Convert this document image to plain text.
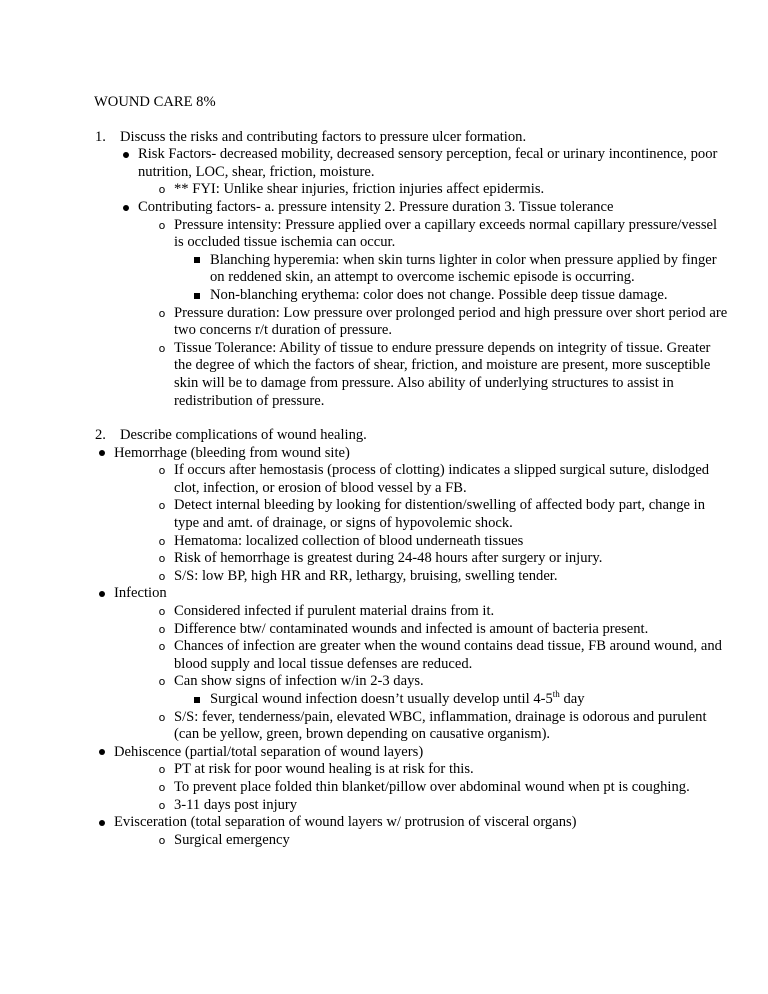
WOUND CARE 8%

1. Discuss the risks and contributing factors to pressure ulcer formation.

Risk Factors- decreased mobility, decreased sensory perception, fecal or urinary incontinence, poor nutrition, LOC, shear, friction, moisture.

o ** FYI: Unlike shear injuries, friction injuries affect epidermis.

Contributing factors- a. pressure intensity 2. Pressure duration 3. Tissue tolerance

o Pressure intensity: Pressure applied over a capillary exceeds normal capillary pressure/vessel is occluded tissue ischemia can occur.

Blanching hyperemia: when skin turns lighter in color when pressure applied by finger on reddened skin, an attempt to overcome ischemic episode is occurring.

Non-blanching erythema: color does not change. Possible deep tissue damage.

o Pressure duration: Low pressure over prolonged period and high pressure over short period are two concerns r/t duration of pressure.

o Tissue Tolerance: Ability of tissue to endure pressure depends on integrity of tissue. Greater the degree of which the factors of shear, friction, and moisture are present, more susceptible skin will be to damage from pressure. Also ability of underlying structures to assist in redistribution of pressure.

2. Describe complications of wound healing.

Hemorrhage (bleeding from wound site)

o If occurs after hemostasis (process of clotting) indicates a slipped surgical suture, dislodged clot, infection, or erosion of blood vessel by a FB.

o Detect internal bleeding by looking for distention/swelling of affected body part, change in type and amt. of drainage, or signs of hypovolemic shock.

o Hematoma: localized collection of blood underneath tissues

o Risk of hemorrhage is greatest during 24-48 hours after surgery or injury.

o S/S: low BP, high HR and RR, lethargy, bruising, swelling tender.

Infection

o Considered infected if purulent material drains from it.

o Difference btw/ contaminated wounds and infected is amount of bacteria present.

o Chances of infection are greater when the wound contains dead tissue, FB around wound, and blood supply and local tissue defenses are reduced.

o Can show signs of infection w/in 2-3 days.

Surgical wound infection doesn’t usually develop until 4-5th day

o S/S: fever, tenderness/pain, elevated WBC, inflammation, drainage is odorous and purulent (can be yellow, green, brown depending on causative organism).

Dehiscence (partial/total separation of wound layers)

o PT at risk for poor wound healing is at risk for this.

o To prevent place folded thin blanket/pillow over abdominal wound when pt is coughing.

o 3-11 days post injury

Evisceration (total separation of wound layers w/ protrusion of visceral organs)

o Surgical emergency
